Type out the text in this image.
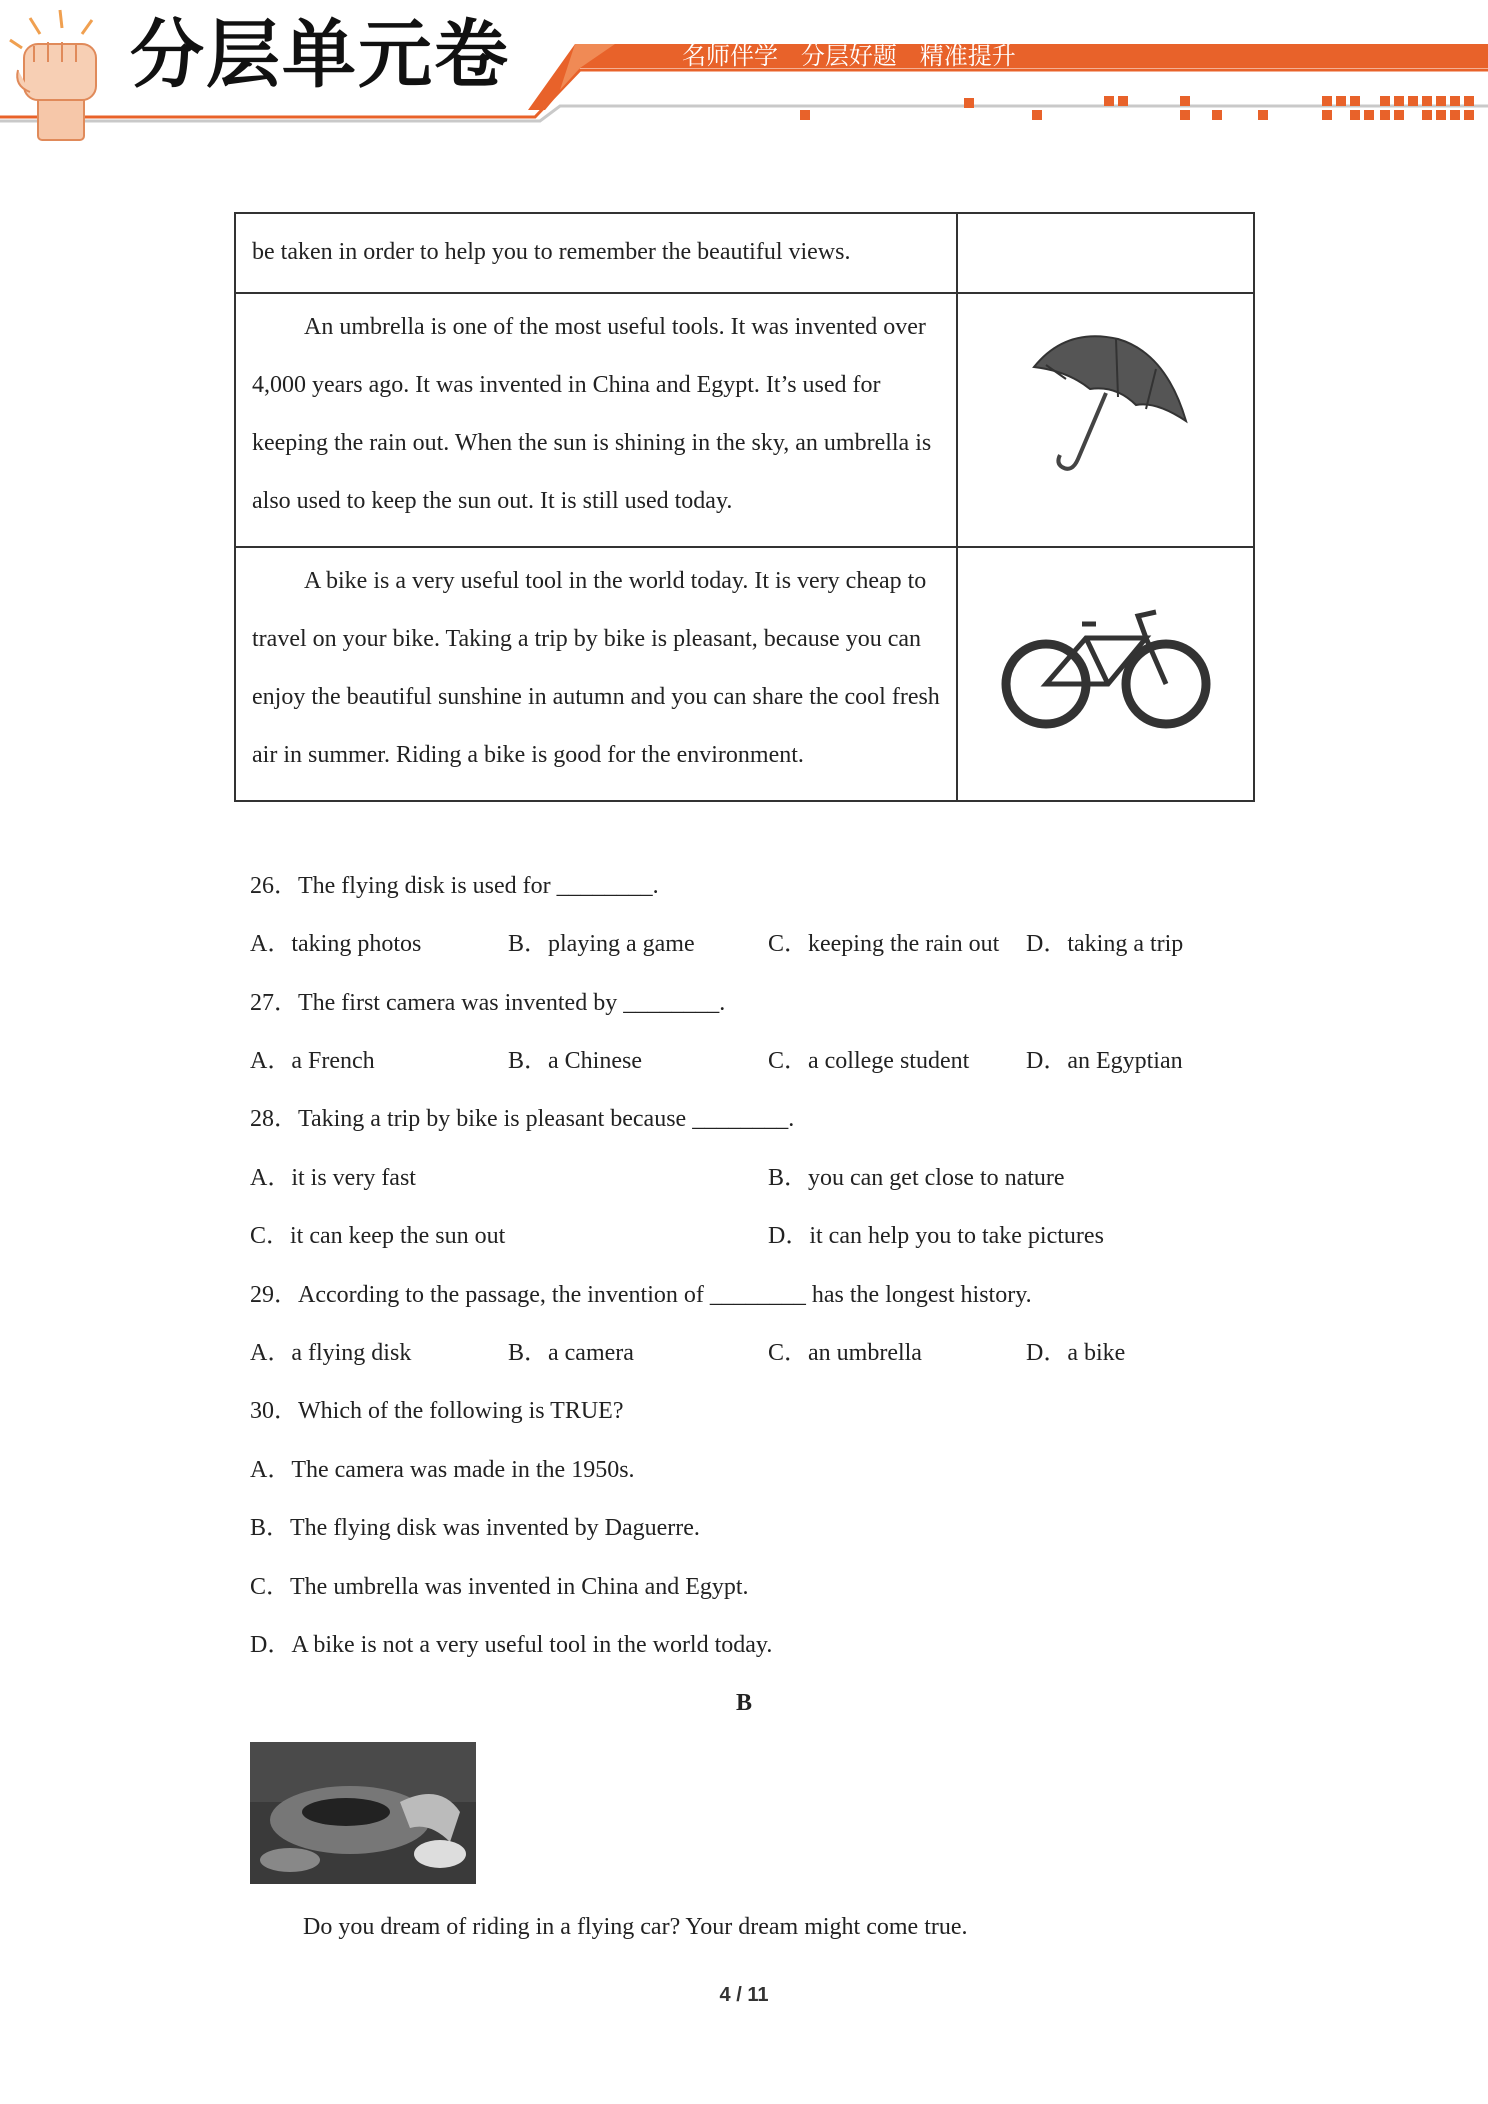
分层单元卷	名师伴学   分层好题   精准提升
be taken in order to help you to remember the beautiful views.	

An umbrella is one of the most useful tools. It was invented over 4,000 years ago. It was invented in China and Egypt. It’s used for keeping the rain out. When the sun is shining in the sky, an umbrella is also used to keep the sun out. It is still used today.

A bike is a very useful tool in the world today. It is very cheap to travel on your bike. Taking a trip by bike is pleasant, because you can enjoy the beautiful sunshine in autumn and you can share the cool fresh air in summer. Riding a bike is good for the environment.

26．The flying disk is used for ________.
A．taking photos	B．playing a game	C．keeping the rain out D．taking a trip
27．The first camera was invented by ________.
A．a French	B．a Chinese	C．a college student D．an Egyptian
28．Taking a trip by bike is pleasant because ________.
A．it is very fast	B．you can get close to nature
C．it can keep the sun out	D．it can help you to take pictures
29．According to the passage, the invention of ________ has the longest history.
A．a flying disk	B．a camera	C．an umbrella	D．a bike
30．Which of the following is TRUE?
A．The camera was made in the 1950s.
B．The flying disk was invented by Daguerre.
C．The umbrella was invented in China and Egypt.
D．A bike is not a very useful tool in the world today.
B
Do you dream of riding in a flying car? Your dream might come true.
4 / 11
